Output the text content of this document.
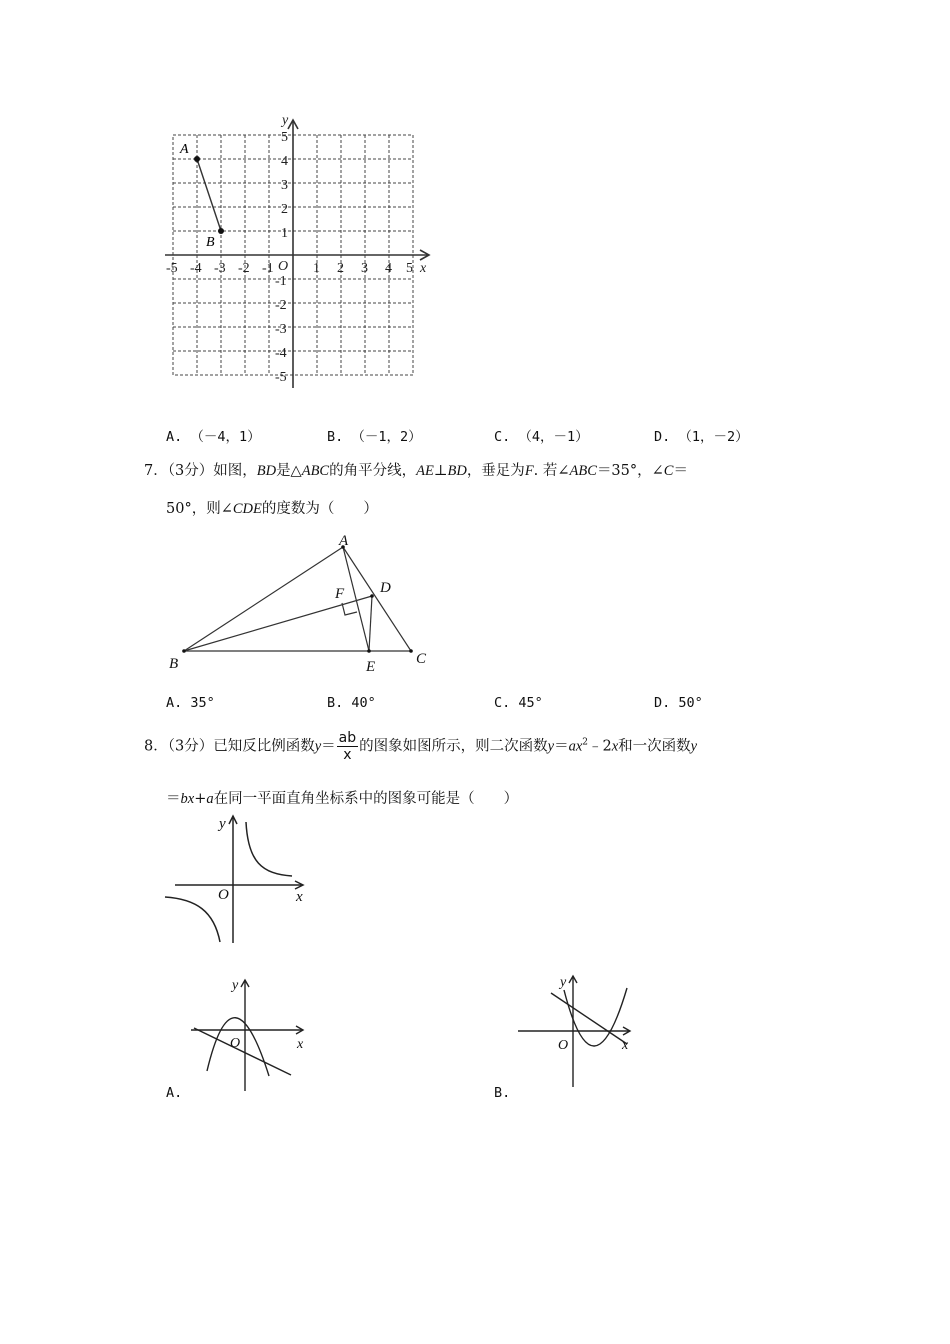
-5 -4 -3 -2 -1	1 2 3 4 5 x
y
O
1
2
3
4
5
-1
-2
-3
-4
-5
A
B
A. （－4，1）	B. （－1，2）	C. （4，－1）	D. （1，－2）
7．（3分）如图，BD是△ABC的角平分线，AE⊥BD，垂足为F. 若∠ABC＝35°，∠C＝
50°，则∠CDE的度数为（　　）
A
B	C
D
E
F
A. 35°	B. 40°	C. 45°	D. 50°
8．（3分）已知反比例函数$y= \frac{ab}{x}$ 的图象如图所示，则二次函数$y=ax^2﹣2x$和一次函数y
＝bx+a在同一平面直角坐标系中的图象可能是（　　）
y
x
O
y
x
O
A.
y
x
O
B.
